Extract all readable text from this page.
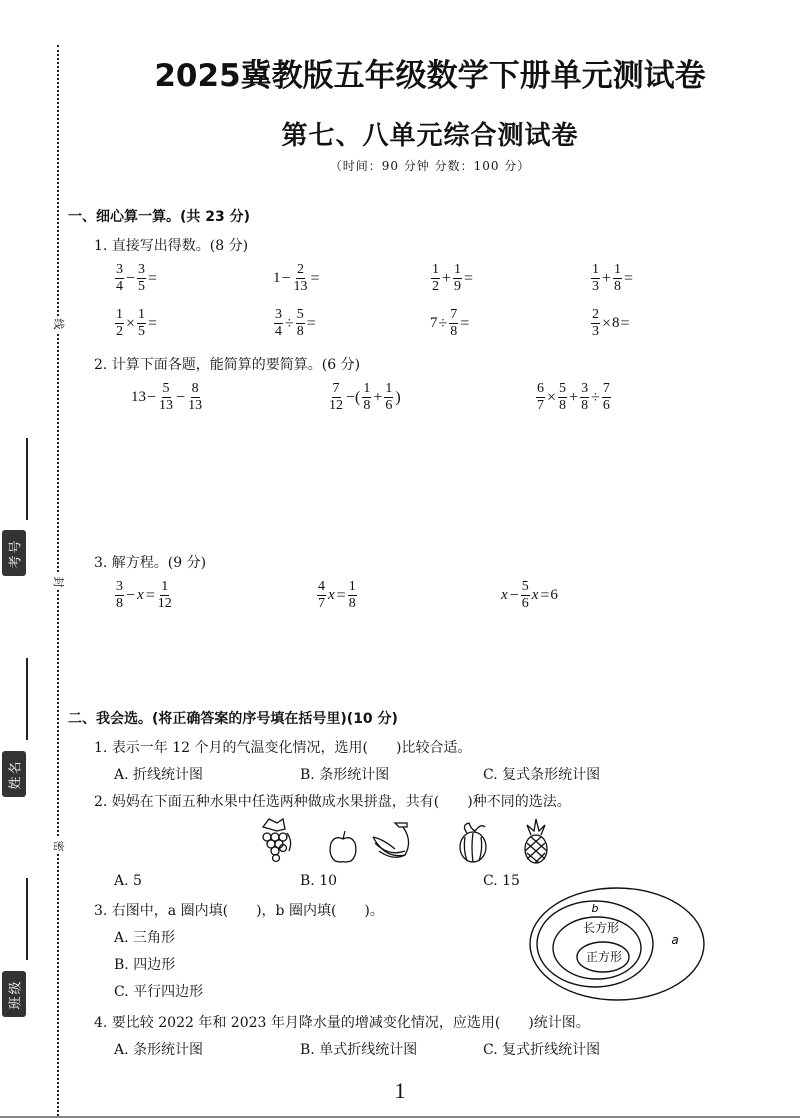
线
封
密
考号
姓名
班级
2025冀教版五年级数学下册单元测试卷
第七、八单元综合测试卷
（时间：90 分钟 分数：100 分）
一、细心算一算。(共 23 分)
1. 直接写出得数。(8 分)
$\frac{3}{4} - \frac{3}{5}$ =	$1 - \frac{2}{13}$ =	$\frac{1}{2} + \frac{1}{9}$ =	$\frac{1}{3} + \frac{1}{8}$ =
$\frac{1}{2} \times \frac{1}{5}$ =	$\frac{3}{4} \div \frac{5}{8}$ =	$7 \div \frac{7}{8}$ =	$\frac{2}{3} \times 8$ =
2. 计算下面各题，能简算的要简算。(6 分)
$13 - \frac{5}{13} - \frac{8}{13}$	$\frac{7}{12}$ −( $\frac{1}{8} + \frac{1}{6}$ )	$\frac{6}{7} \times \frac{5}{8} + \frac{3}{8} \div \frac{7}{6}$
3. 解方程。(9 分)
$\frac{3}{8} - x = \frac{1}{12}$	$\frac{4}{7}$ $x = \frac{1}{8}$	$x - \frac{5}{6}$ x = 6
二、我会选。(将正确答案的序号填在括号里)(10 分)
1. 表示一年 12 个月的气温变化情况，选用(　　)比较合适。
A. 折线统计图	B. 条形统计图	C. 复式条形统计图
2. 妈妈在下面五种水果中任选两种做成水果拼盘，共有(　　)种不同的选法。
A. 5	B. 10	C. 15
3. 右图中，a 圈内填(　　)，b 圈内填(　　)。
A. 三角形
B. 四边形
C. 平行四边形
b
a
长方形
正方形
4. 要比较 2022 年和 2023 年月降水量的增减变化情况，应选用(　　)统计图。
A. 条形统计图	B. 单式折线统计图	C. 复式折线统计图
1
